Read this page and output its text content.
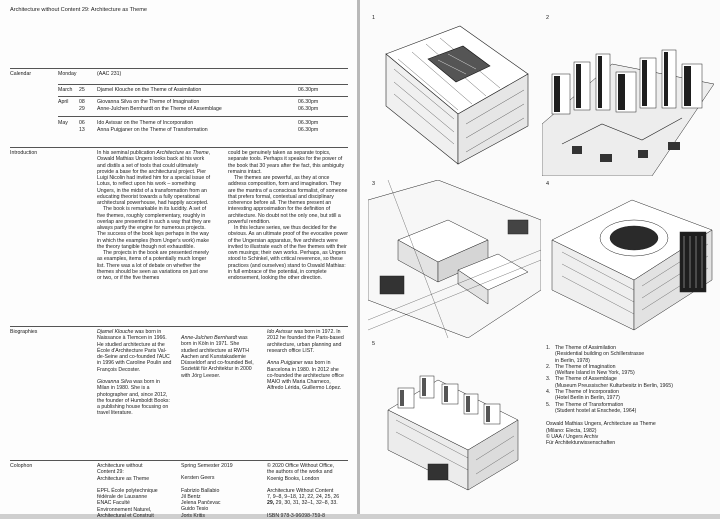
Architecture without Content 29: Architecture as Theme
Calendar	Monday	(AAC 231)
March 25 Djamel Klouche on the Theme of Assimilation	06.30pm
April 08 Giovanna Silva on the Theme of Imagination	06.30pm
29 Anne-Julchen Bernhardt on the Theme of Assemblage	06.30pm
May 06 Ido Avissar on the Theme of Incorporation	06.30pm
13 Anna Puigjaner on the Theme of Transformation	06.30pm
Introduction	In his seminal publication Architecture as Theme, Oswald Mathias Ungers looks back at his work and distils a set of tools that could ultimately provide a base for the architectural project. Pier Luigi Nicolin had invited him for a special issue of Lotus, to reflect upon his work – something Ungers, in the midst of a transformation from an educating theorist towards a fully operational architectural powerhouse, had happily accepted.
The book is remarkable in its lucidity. A set of five themes, roughly complementary, roughly in overlap are presented in such a way that they are always partly the engine for numerous projects. The success of the book lays perhaps in the way in which the examples (from Unger's work) make the theory tangible though not exhaustible.
The projects in the book are presented merely as examples, items of a potentially much longer list. There was a lot of debate on whether the themes should be seen as variations on just one or two, or if the five themes
could be genuinely taken as separate topics, separate tools. Perhaps it speaks for the power of the book that 30 years after the fact, this ambiguity remains intact.
The themes are powerful, as they at once address composition, form and imagination. They are the mantra of a conscious formalist, of someone that prefers formal, contextual and disciplinary coherence before all. The themes present an interesting approximation for the definition of architecture. No doubt not the only one, but still a powerful rendition.
In this lecture series, we thus decided for the obvious. As an ultimate proof of the evocative power of the Ungersian apparatus, five architects were invited to illustrate each of the five themes with their own musings; their own works. Perhaps, as Ungers stood to Schinkel, with critical reverence, so these practices (and ourselves) stand to Oswald Mathias: in full embrace of the potential, in complete endorsement, looking the other direction.
Biographies	Djamel Klouche was born in Naissance à Tlemcen in 1966. He studied architecture at the École d'Architecture Paris Val-de-Seine and co-founded l'AUC in 1996 with Caroline Poulin and François Decoster.

Giovanna Silva was born in Milan in 1980. She is a photographer and, since 2012, the founder of Humboldt Books: a publishing house focusing on travel literature.
Anne-Julchen Bernhardt was born in Köln in 1971. She studied architecture at RWTH Aachen and Kunstakademie Düsseldorf and co-founded Bel, Sozietät für Architektur in 2000 with Jörg Leeser.
Ido Avissar was born in 1972. In 2012 he founded the Paris-based architecture, urban planning and research office LIST.

Anna Puigjaner was born in Barcelona in 1980. In 2012 she co-founded the architecture office MAIO with Maria Charneco, Alfredo Lérida, Guillermo López.
Colophon	Architecture without
Content 29:
Architecture as Theme
EPFL École polytechnique
fédérale de Lausanne
ENAC Faculté
Environnement Naturel,
Architectural et Construit
Spring Semester 2019
Kersten Geers
Fabrizio Ballabio
Jil Bentz
Jelena Pančevac
Guido Tesio
Joris Kritis
© 2020 Office Without Office,
the authors of the works and
Koenig Books, London
Architecture Without Content
7, 9–8, 9–18, 12, 22, 24, 25, 26
29, 29, 30, 31, 32–1, 32–8, 33.
ISBN 978-3-96098-759-8
1	2
3	4
5
1. The Theme of Assimilation
(Residential building on Schillerstrasse
in Berlin, 1978)
2. The Theme of Imagination
(Welfare Island in New York, 1975)
3. The Theme of Assemblage
(Museum Preussischer Kulturbesitz in Berlin, 1965)
4. The Theme of Incorporation
(Hotel Berlin in Berlin, 1977)
5. The Theme of Transformation
(Student hostel at Enschede, 1964)
Oswald Mathias Ungers, Architecture as Theme
(Milano: Electa, 1982)
© UAA / Ungers Archiv
Für Architekturwissenschaften
